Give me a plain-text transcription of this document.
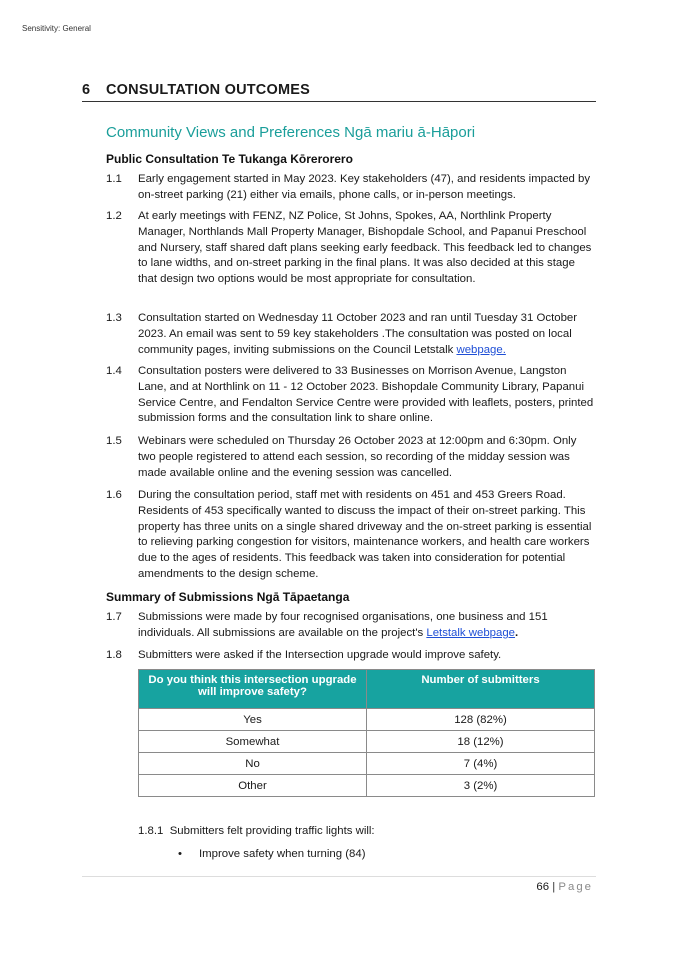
Sensitivity: General
6 CONSULTATION OUTCOMES
Community Views and Preferences Ngā mariu ā-Hāpori
Public Consultation Te Tukanga Kōrerorero
1.1 Early engagement started in May 2023. Key stakeholders (47), and residents impacted by on-street parking (21) either via emails, phone calls, or in-person meetings.
1.2 At early meetings with FENZ, NZ Police, St Johns, Spokes, AA, Northlink Property Manager, Northlands Mall Property Manager, Bishopdale School, and Papanui Preschool and Nursery, staff shared daft plans seeking early feedback. This feedback led to changes to lane widths, and on-street parking in the final plans. It was also decided at this stage that design two options would be most appropriate for consultation.
1.3 Consultation started on Wednesday 11 October 2023 and ran until Tuesday 31 October 2023. An email was sent to 59 key stakeholders .The consultation was posted on local community pages, inviting submissions on the Council Letstalk webpage.
1.4 Consultation posters were delivered to 33 Businesses on Morrison Avenue, Langston Lane, and at Northlink on 11 - 12 October 2023. Bishopdale Community Library, Papanui Service Centre, and Fendalton Service Centre were provided with leaflets, posters, printed submission forms and the consultation link to share online.
1.5 Webinars were scheduled on Thursday 26 October 2023 at 12:00pm and 6:30pm. Only two people registered to attend each session, so recording of the midday session was made available online and the evening session was cancelled.
1.6 During the consultation period, staff met with residents on 451 and 453 Greers Road. Residents of 453 specifically wanted to discuss the impact of their on-street parking. This property has three units on a single shared driveway and the on-street parking is essential to relieving parking congestion for visitors, maintenance workers, and health care workers due to the ages of residents. This feedback was taken into consideration for potential amendments to the design scheme.
Summary of Submissions Ngā Tāpaetanga
1.7 Submissions were made by four recognised organisations, one business and 151 individuals. All submissions are available on the project's Letstalk webpage.
1.8 Submitters were asked if the Intersection upgrade would improve safety.
Do you think this intersection upgrade will improve safety?	Number of submitters
Yes	128 (82%)
Somewhat	18 (12%)
No	7 (4%)
Other	3 (2%)
1.8.1 Submitters felt providing traffic lights will:
• Improve safety when turning (84)
66 | Page
